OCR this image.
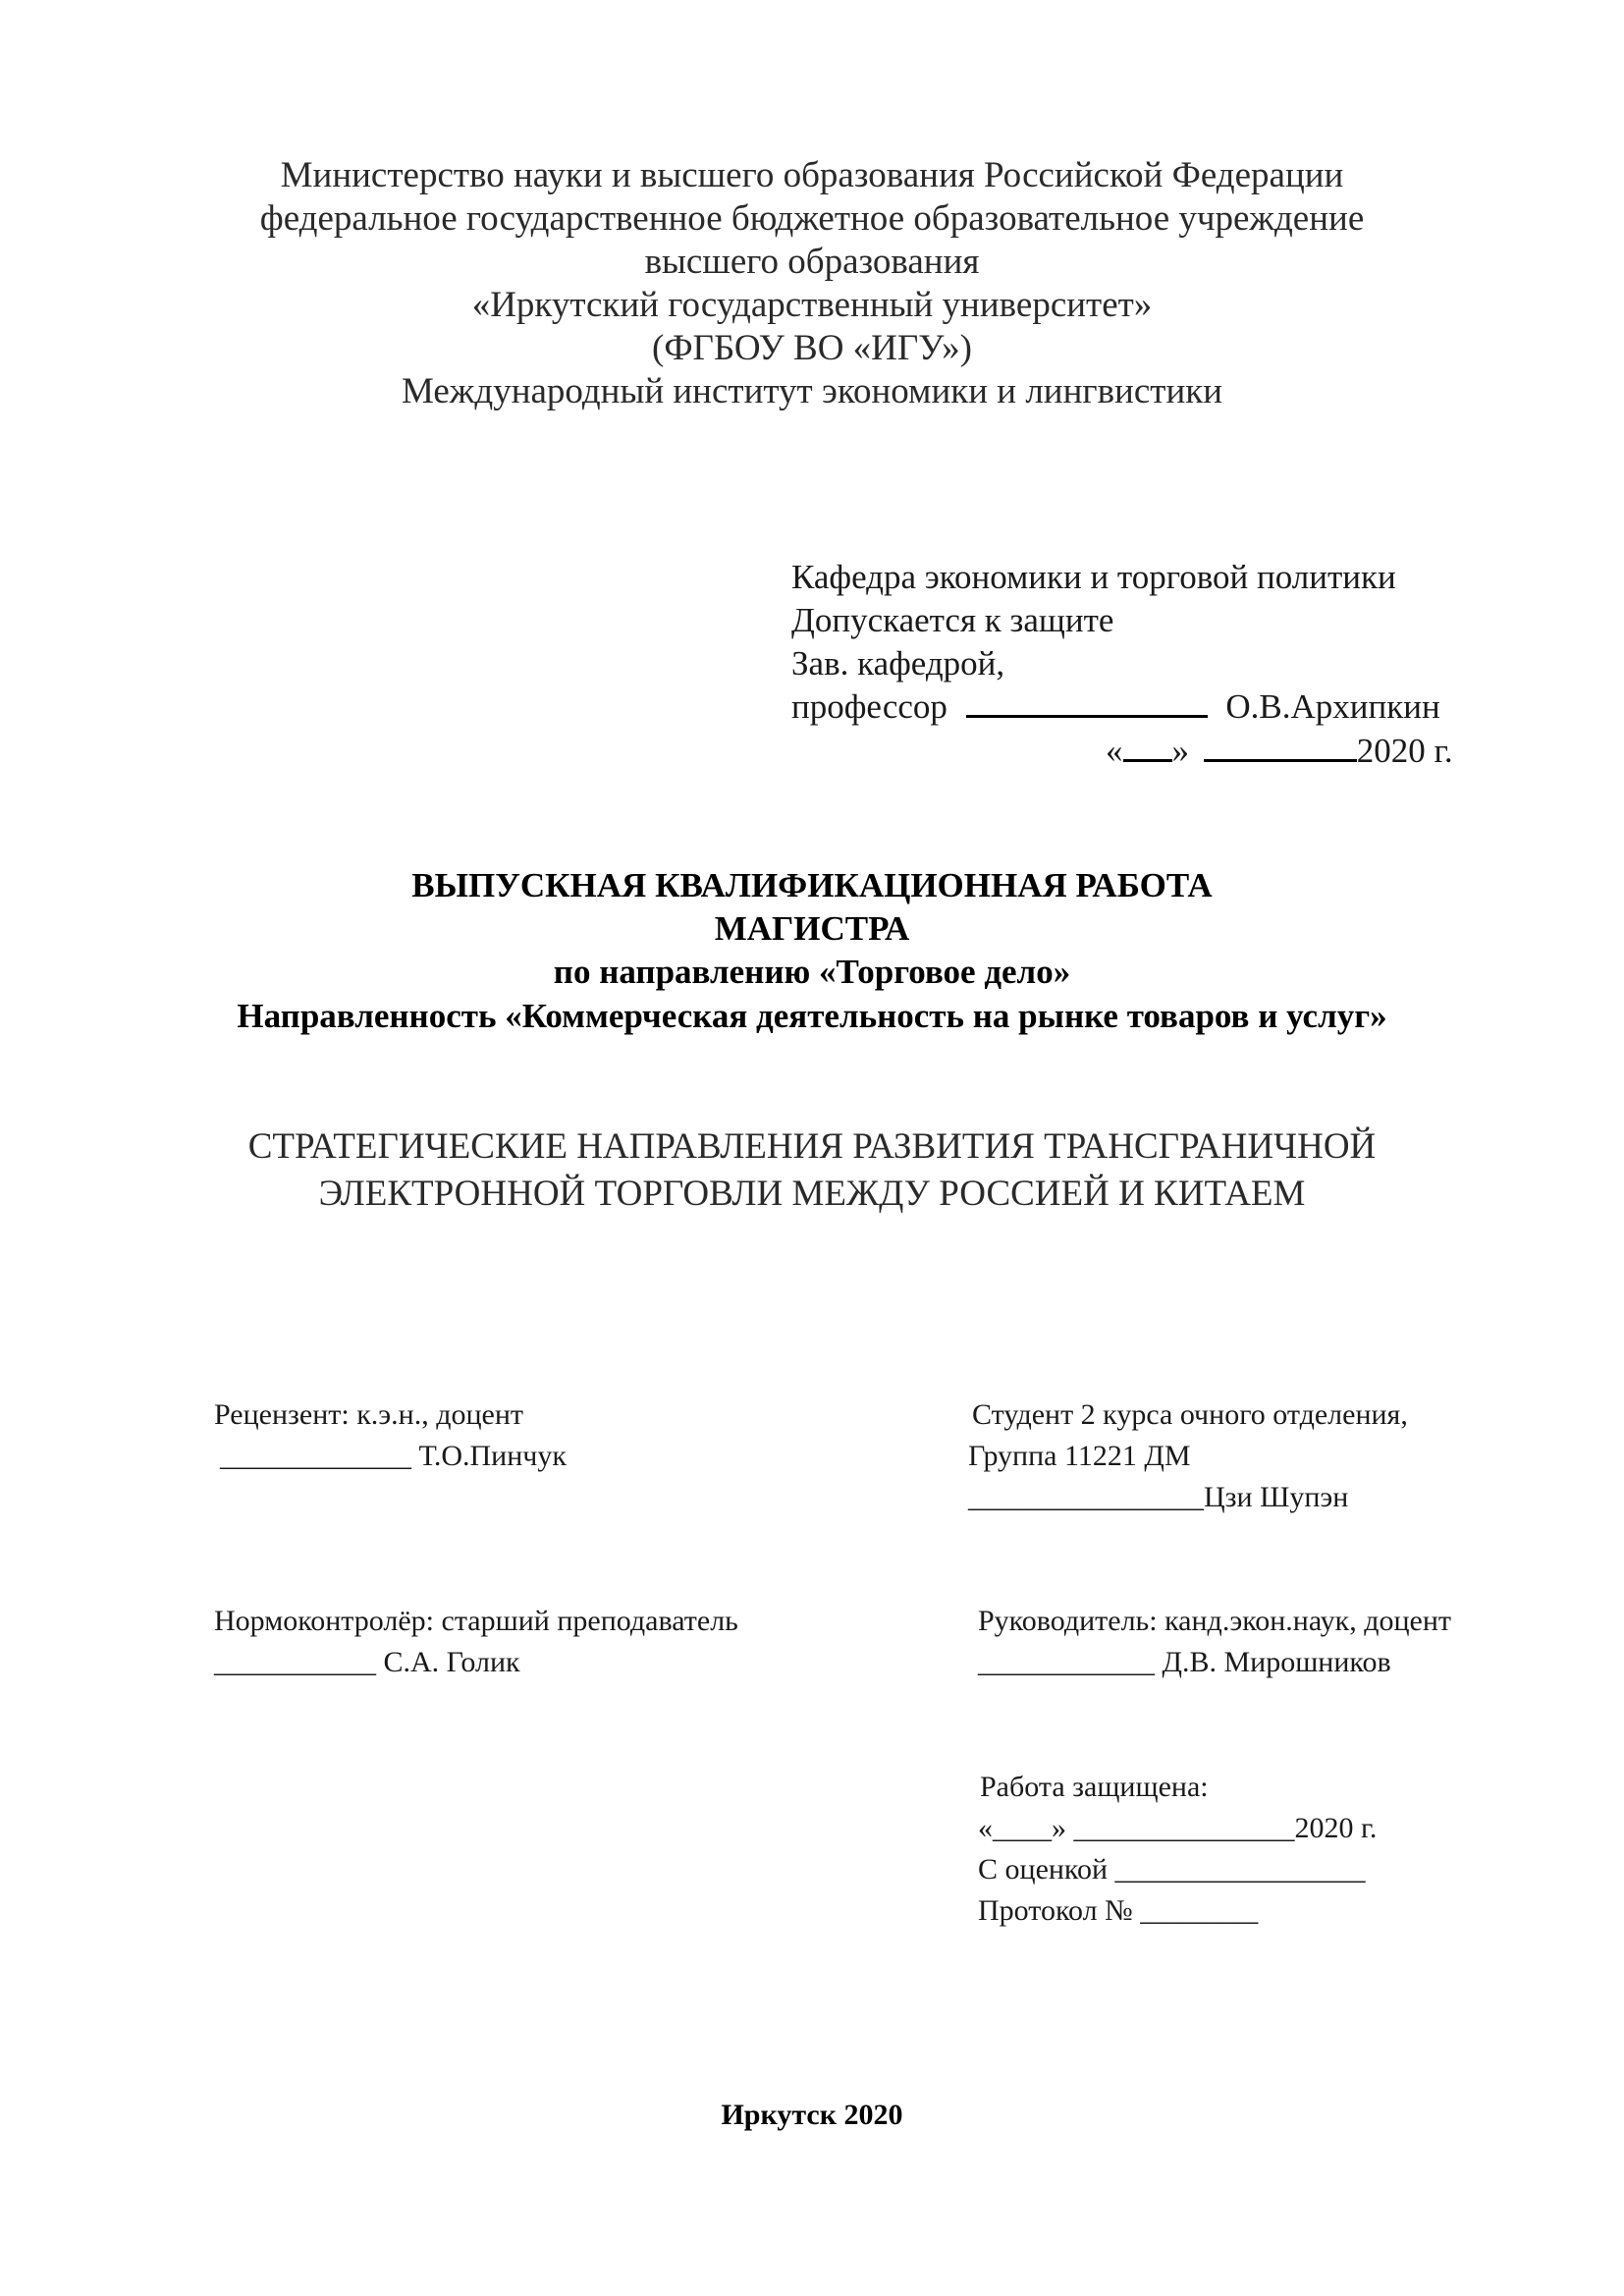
Министерство науки и высшего образования Российской Федерации
федеральное государственное бюджетное образовательное учреждение
высшего образования
«Иркутский государственный университет»
(ФГБОУ ВО «ИГУ»)
Международный институт экономики и лингвистики
Кафедра экономики и торговой политики
Допускается к защите
Зав. кафедрой,
профессор	О.В.Архипкин
« »	2020 г.
ВЫПУСКНАЯ КВАЛИФИКАЦИОННАЯ РАБОТА
МАГИСТРА
по направлению «Торговое дело»
Направленность «Коммерческая деятельность на рынке товаров и услуг»
СТРАТЕГИЧЕСКИЕ НАПРАВЛЕНИЯ РАЗВИТИЯ ТРАНСГРАНИЧНОЙ
ЭЛЕКТРОННОЙ ТОРГОВЛИ МЕЖДУ РОССИЕЙ И КИТАЕМ
Рецензент: к.э.н., доцент
_____________ Т.О.Пинчук
Студент 2 курса очного отделения,
Группа 11221 ДМ
________________Цзи Шупэн
Нормоконтролёр: старший преподаватель
___________ С.А. Голик
Руководитель: канд.экон.наук, доцент
____________ Д.В. Мирошников
Работа защищена:
«____» _______________2020 г.
С оценкой _________________
Протокол № ________
Иркутск 2020
